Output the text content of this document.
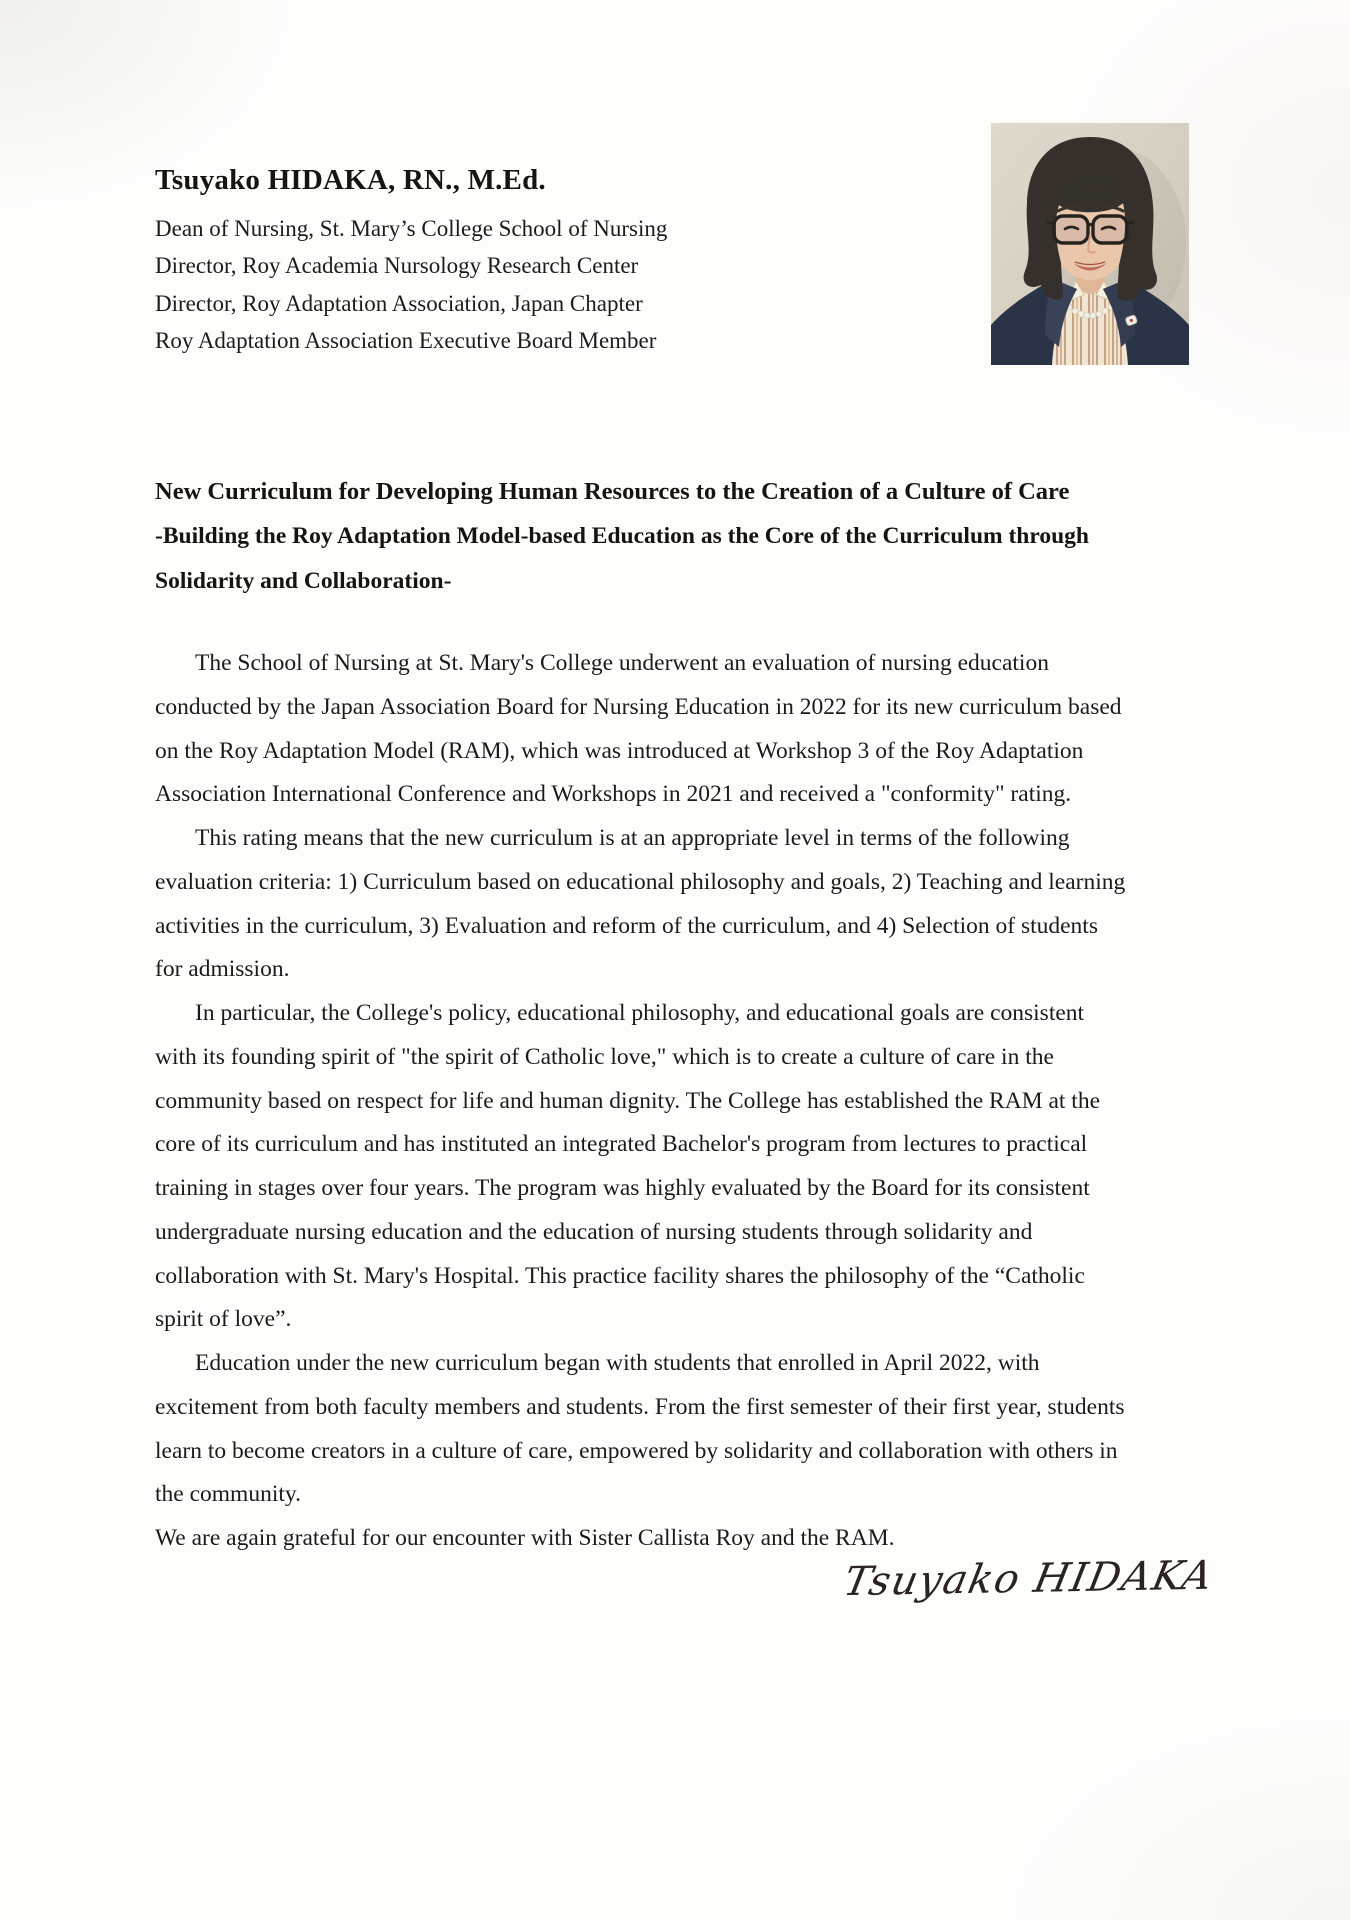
Tsuyako HIDAKA, RN., M.Ed.
Dean of Nursing, St. Mary’s College School of Nursing
Director, Roy Academia Nursology Research Center
Director, Roy Adaptation Association, Japan Chapter
Roy Adaptation Association Executive Board Member
New Curriculum for Developing Human Resources to the Creation of a Culture of Care
-Building the Roy Adaptation Model-based Education as the Core of the Curriculum through
Solidarity and Collaboration-
The School of Nursing at St. Mary's College underwent an evaluation of nursing education
conducted by the Japan Association Board for Nursing Education in 2022 for its new curriculum based
on the Roy Adaptation Model (RAM), which was introduced at Workshop 3 of the Roy Adaptation
Association International Conference and Workshops in 2021 and received a "conformity" rating.
This rating means that the new curriculum is at an appropriate level in terms of the following
evaluation criteria: 1) Curriculum based on educational philosophy and goals, 2) Teaching and learning
activities in the curriculum, 3) Evaluation and reform of the curriculum, and 4) Selection of students
for admission.
In particular, the College's policy, educational philosophy, and educational goals are consistent
with its founding spirit of "the spirit of Catholic love," which is to create a culture of care in the
community based on respect for life and human dignity. The College has established the RAM at the
core of its curriculum and has instituted an integrated Bachelor's program from lectures to practical
training in stages over four years. The program was highly evaluated by the Board for its consistent
undergraduate nursing education and the education of nursing students through solidarity and
collaboration with St. Mary's Hospital. This practice facility shares the philosophy of the “Catholic
spirit of love”.
Education under the new curriculum began with students that enrolled in April 2022, with
excitement from both faculty members and students. From the first semester of their first year, students
learn to become creators in a culture of care, empowered by solidarity and collaboration with others in
the community.
We are again grateful for our encounter with Sister Callista Roy and the RAM.
Tsuyako HIDAKA
